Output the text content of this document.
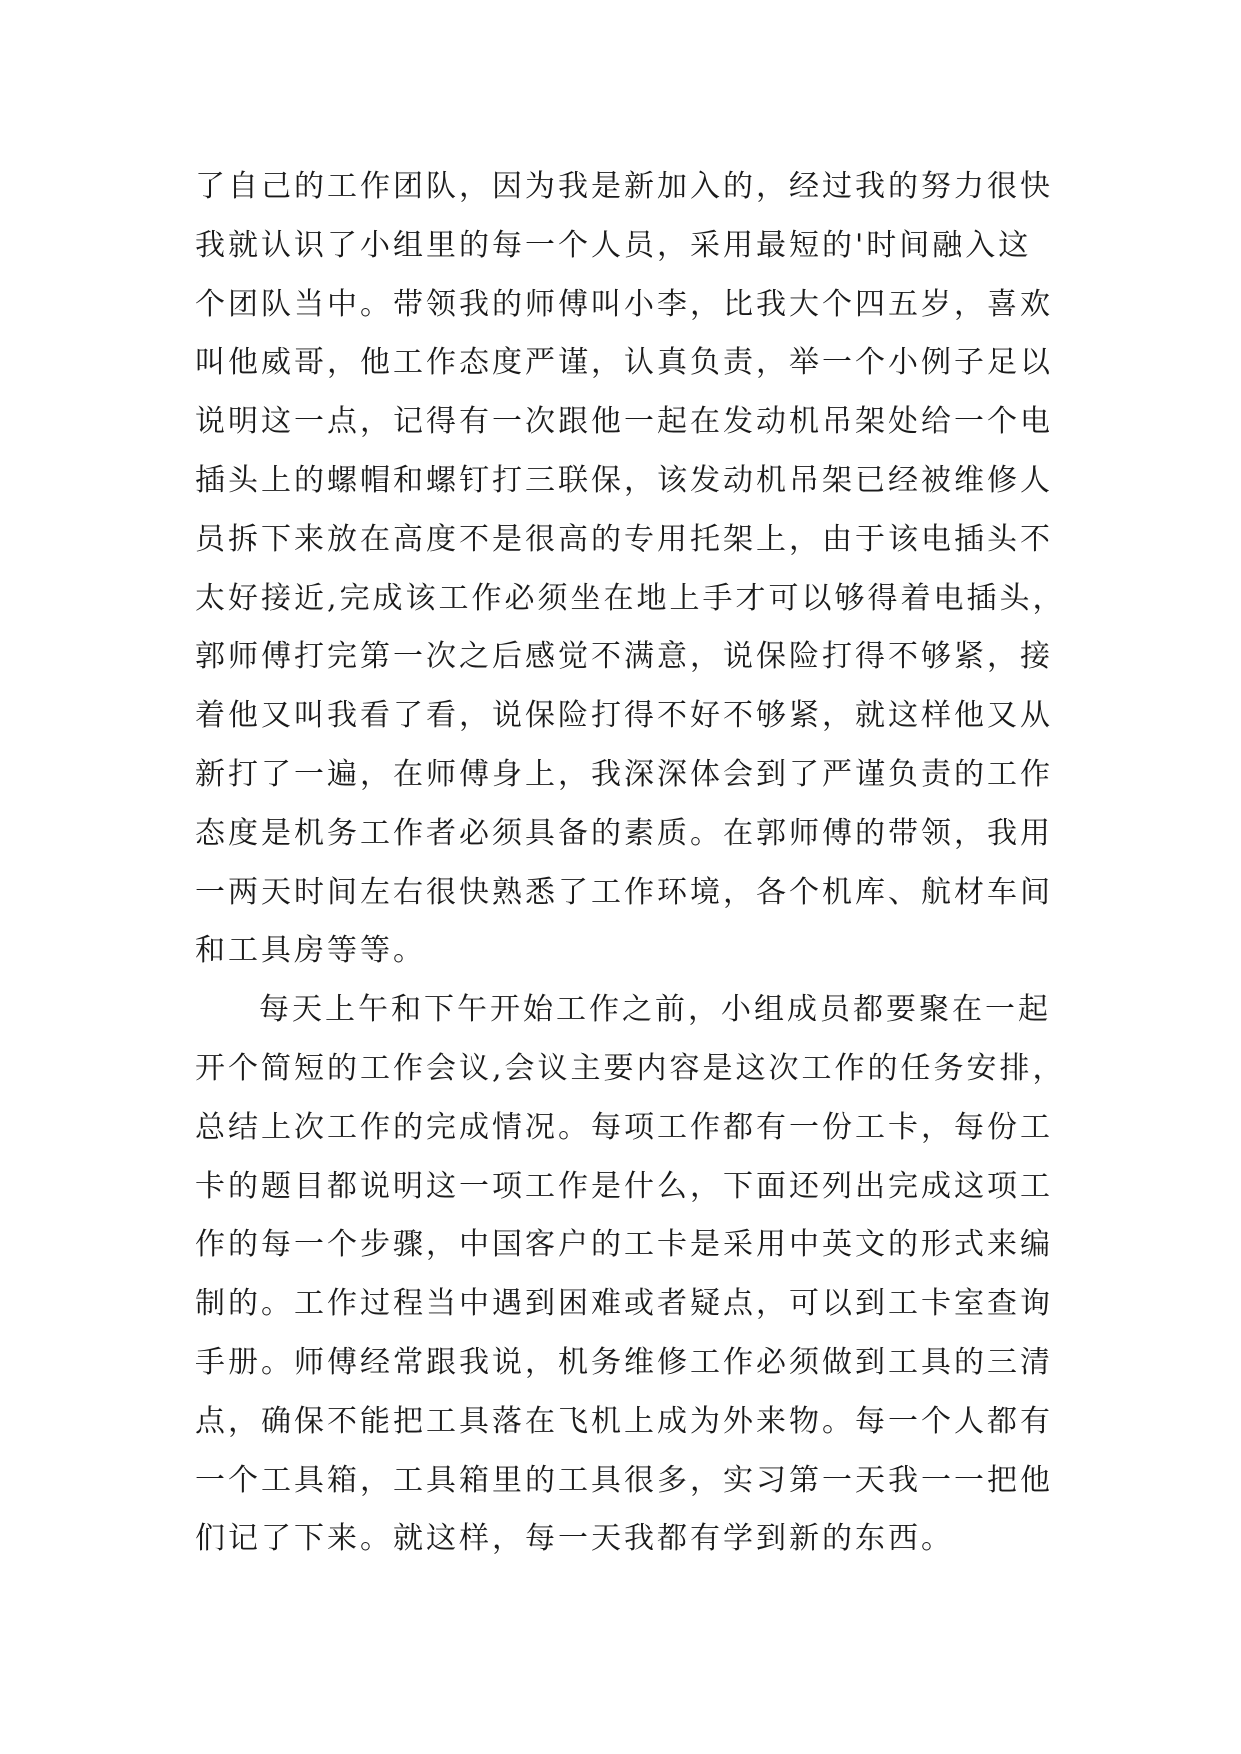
了自己的工作团队，因为我是新加入的，经过我的努力很快
我就认识了小组里的每一个人员，采用最短的'时间融入这
个团队当中。带领我的师傅叫小李，比我大个四五岁，喜欢
叫他威哥，他工作态度严谨，认真负责，举一个小例子足以
说明这一点，记得有一次跟他一起在发动机吊架处给一个电
插头上的螺帽和螺钉打三联保，该发动机吊架已经被维修人
员拆下来放在高度不是很高的专用托架上，由于该电插头不
太好接近,完成该工作必须坐在地上手才可以够得着电插头，
郭师傅打完第一次之后感觉不满意，说保险打得不够紧，接
着他又叫我看了看，说保险打得不好不够紧，就这样他又从
新打了一遍，在师傅身上，我深深体会到了严谨负责的工作
态度是机务工作者必须具备的素质。在郭师傅的带领，我用
一两天时间左右很快熟悉了工作环境，各个机库、航材车间
和工具房等等。
每天上午和下午开始工作之前，小组成员都要聚在一起
开个简短的工作会议,会议主要内容是这次工作的任务安排，
总结上次工作的完成情况。每项工作都有一份工卡，每份工
卡的题目都说明这一项工作是什么，下面还列出完成这项工
作的每一个步骤，中国客户的工卡是采用中英文的形式来编
制的。工作过程当中遇到困难或者疑点，可以到工卡室查询
手册。师傅经常跟我说，机务维修工作必须做到工具的三清
点，确保不能把工具落在飞机上成为外来物。每一个人都有
一个工具箱，工具箱里的工具很多，实习第一天我一一把他
们记了下来。就这样，每一天我都有学到新的东西。
